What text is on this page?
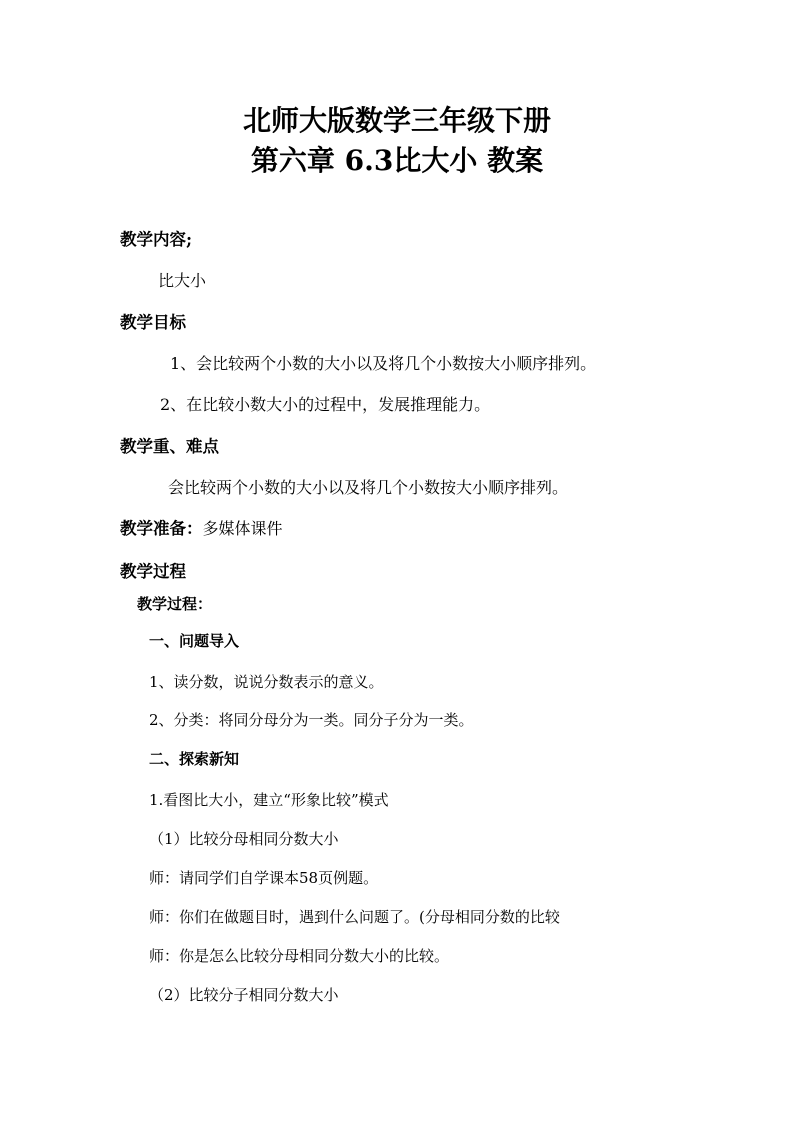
北师大版数学三年级下册
第六章 6.3比大小 教案
教学内容;
比大小
教学目标
1、会比较两个小数的大小以及将几个小数按大小顺序排列。
2、在比较小数大小的过程中，发展推理能力。
教学重、难点
会比较两个小数的大小以及将几个小数按大小顺序排列。
教学准备：多媒体课件
教学过程
教学过程：
一、问题导入
1、读分数，说说分数表示的意义。
2、分类：将同分母分为一类。同分子分为一类。
二、探索新知
1.看图比大小，建立“形象比较”模式
（1）比较分母相同分数大小
师：请同学们自学课本58页例题。
师：你们在做题目时，遇到什么问题了。(分母相同分数的比较
师：你是怎么比较分母相同分数大小的比较。
（2）比较分子相同分数大小
